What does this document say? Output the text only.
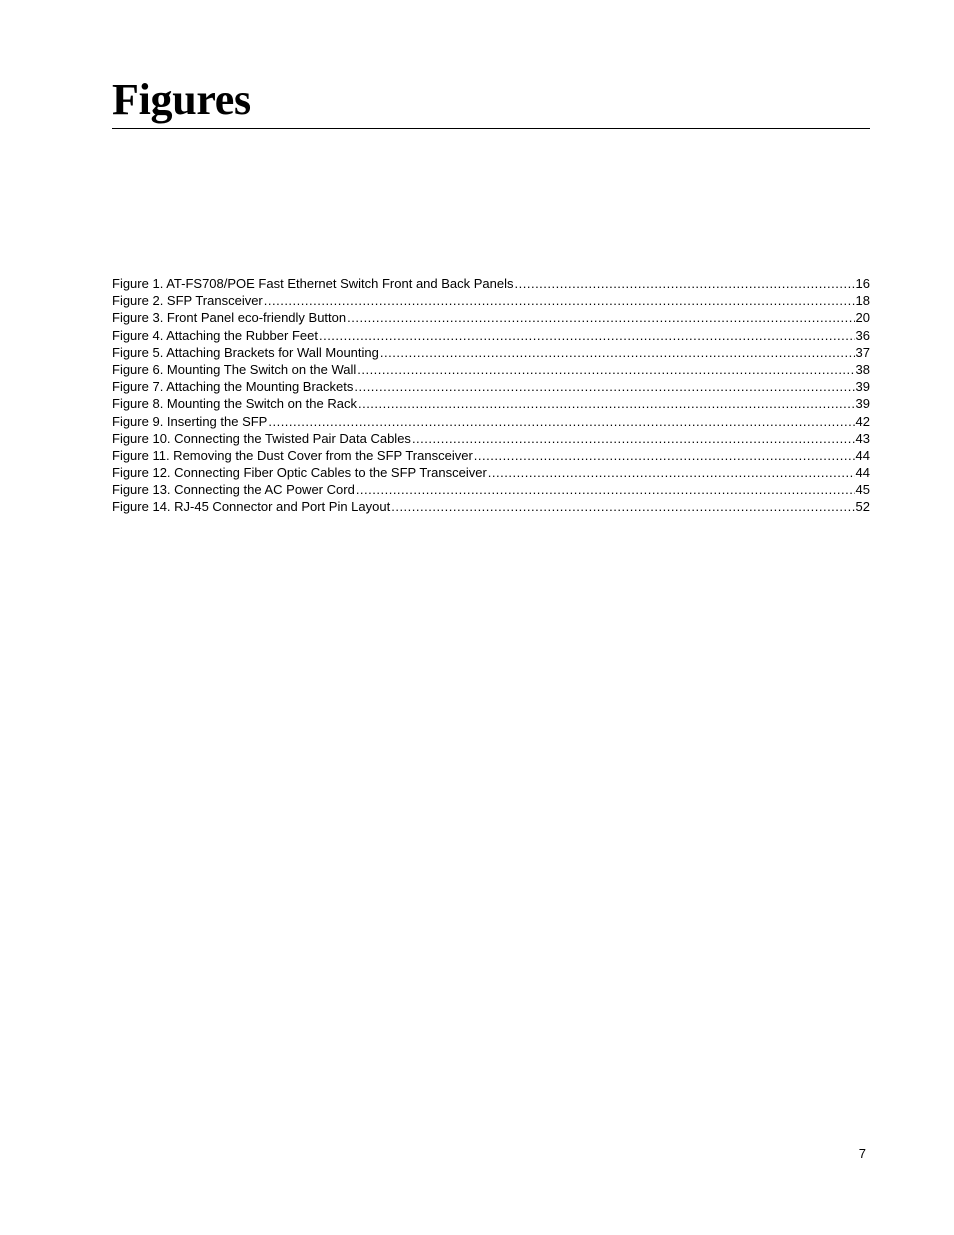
Figures
Figure 1. AT-FS708/POE Fast Ethernet Switch Front and Back Panels .....	16
Figure 2. SFP Transceiver .....	18
Figure 3. Front Panel eco-friendly Button .....	20
Figure 4. Attaching the Rubber Feet .....	36
Figure 5. Attaching Brackets for Wall Mounting .....	37
Figure 6. Mounting The Switch on the Wall .....	38
Figure 7. Attaching the Mounting Brackets .....	39
Figure 8. Mounting the Switch on the Rack .....	39
Figure 9. Inserting the SFP .....	42
Figure 10. Connecting the Twisted Pair Data Cables .....	43
Figure 11. Removing the Dust Cover from the SFP Transceiver .....	44
Figure 12. Connecting Fiber Optic Cables to the SFP Transceiver .....	44
Figure 13. Connecting the AC Power Cord .....	45
Figure 14. RJ-45 Connector and Port Pin Layout .....	52
7
